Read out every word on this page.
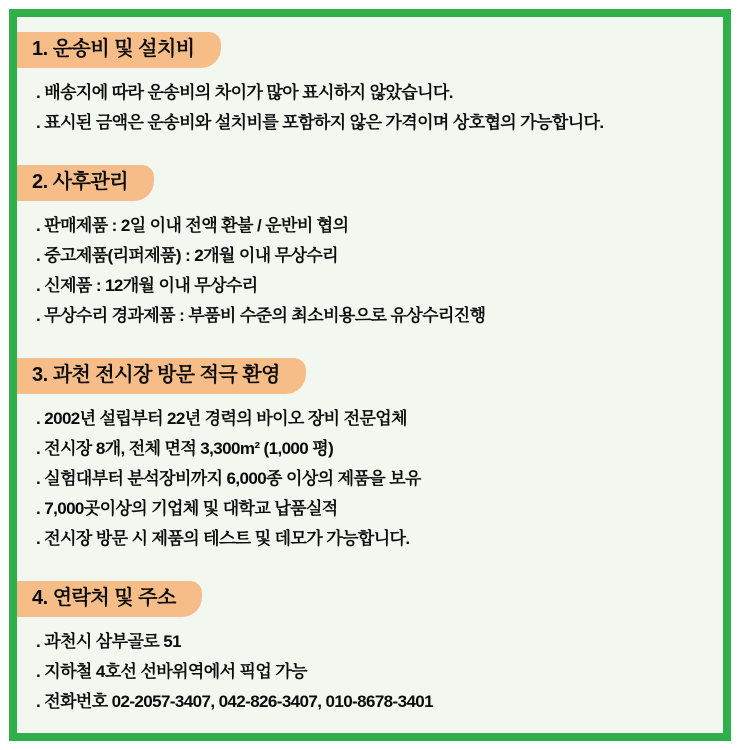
1. 운송비 및 설치비
. 배송지에 따라 운송비의 차이가 많아 표시하지 않았습니다.
. 표시된 금액은 운송비와 설치비를 포함하지 않은 가격이며 상호협의 가능합니다.
2. 사후관리
. 판매제품 : 2일 이내 전액 환불 / 운반비 협의
. 중고제품(리퍼제품) : 2개월 이내 무상수리
. 신제품 : 12개월 이내 무상수리
. 무상수리 경과제품 : 부품비 수준의 최소비용으로 유상수리진행
3. 과천 전시장 방문 적극 환영
. 2002년 설립부터 22년 경력의 바이오 장비 전문업체
. 전시장 8개, 전체 면적 3,300m² (1,000 평)
. 실험대부터 분석장비까지 6,000종 이상의 제품을 보유
. 7,000곳이상의 기업체 및 대학교 납품실적
. 전시장 방문 시 제품의 테스트 및 데모가 가능합니다.
4. 연락처 및 주소
. 과천시 삼부골로 51
. 지하철 4호선 선바위역에서 픽업 가능
. 전화번호 02-2057-3407, 042-826-3407, 010-8678-3401
